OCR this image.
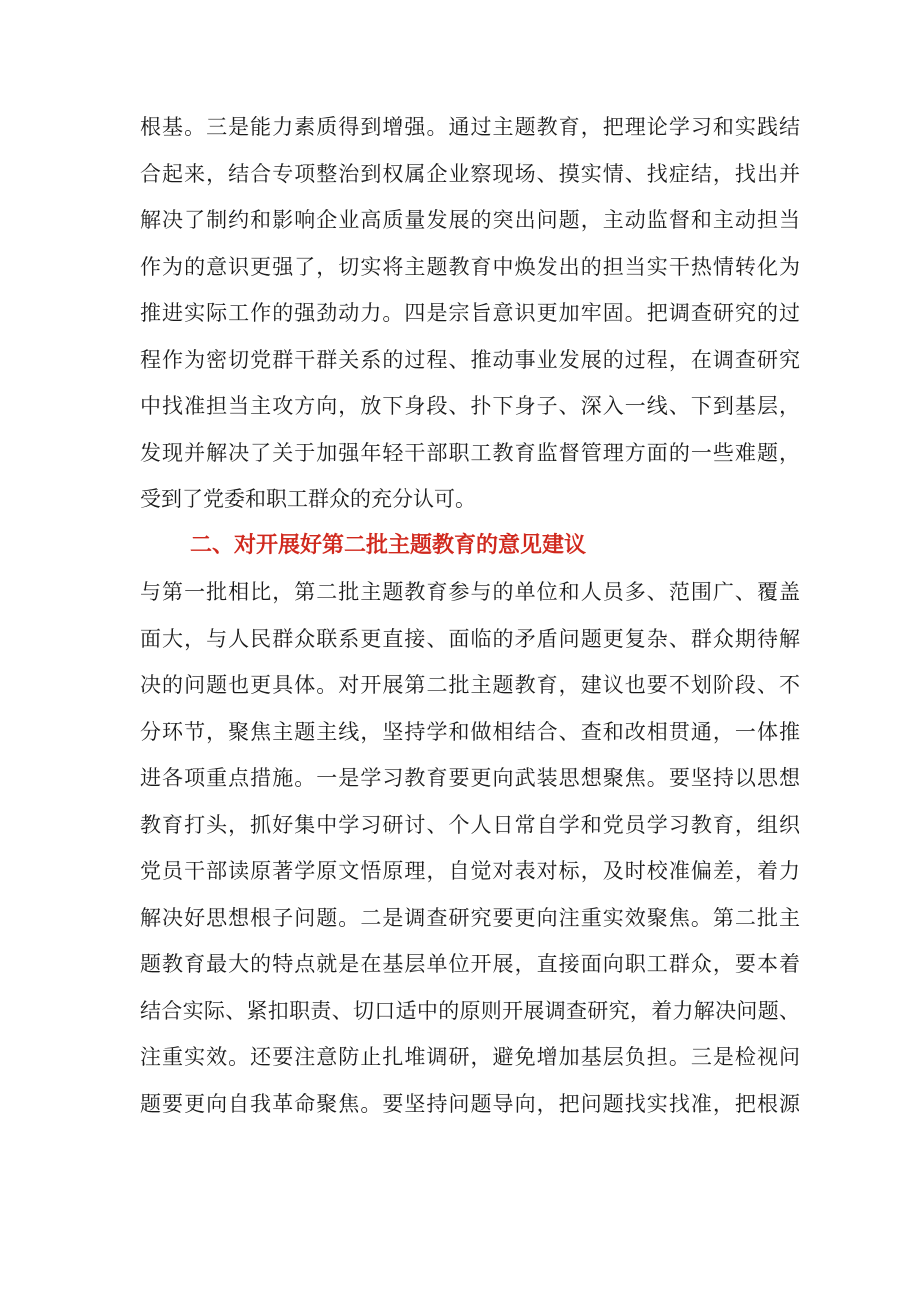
根基。三是能力素质得到增强。通过主题教育，把理论学习和实践结
合起来，结合专项整治到权属企业察现场、摸实情、找症结，找出并
解决了制约和影响企业高质量发展的突出问题，主动监督和主动担当
作为的意识更强了，切实将主题教育中焕发出的担当实干热情转化为
推进实际工作的强劲动力。四是宗旨意识更加牢固。把调查研究的过
程作为密切党群干群关系的过程、推动事业发展的过程，在调查研究
中找准担当主攻方向，放下身段、扑下身子、深入一线、下到基层，
发现并解决了关于加强年轻干部职工教育监督管理方面的一些难题，
受到了党委和职工群众的充分认可。
二、对开展好第二批主题教育的意见建议
与第一批相比，第二批主题教育参与的单位和人员多、范围广、覆盖
面大，与人民群众联系更直接、面临的矛盾问题更复杂、群众期待解
决的问题也更具体。对开展第二批主题教育，建议也要不划阶段、不
分环节，聚焦主题主线，坚持学和做相结合、查和改相贯通，一体推
进各项重点措施。一是学习教育要更向武装思想聚焦。要坚持以思想
教育打头，抓好集中学习研讨、个人日常自学和党员学习教育，组织
党员干部读原著学原文悟原理，自觉对表对标，及时校准偏差，着力
解决好思想根子问题。二是调查研究要更向注重实效聚焦。第二批主
题教育最大的特点就是在基层单位开展，直接面向职工群众，要本着
结合实际、紧扣职责、切口适中的原则开展调查研究，着力解决问题、
注重实效。还要注意防止扎堆调研，避免增加基层负担。三是检视问
题要更向自我革命聚焦。要坚持问题导向，把问题找实找准，把根源
